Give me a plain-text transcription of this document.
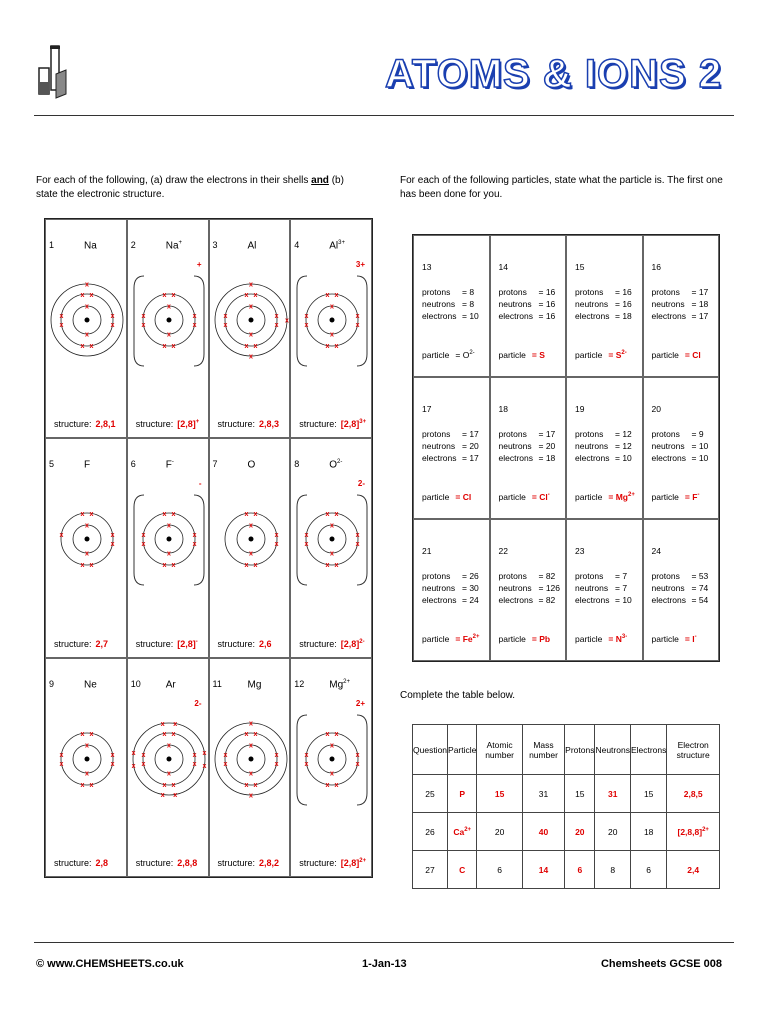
ATOMS & IONS 2
For each of the following, (a) draw the electrons in their shells and (b) state the electronic structure.
For each of the following particles, state what the particle is. The first one has been done for you.
1	Na
x
x
x
x
x x
x
x
x
x
x
structure: 2,8,1
2	Na+
+
x
x
x
x
x x
x
x
x
x
structure: [2,8]+
3	Al
x
x
x
x
x x
x
x
x
x
x
x
x
structure: 2,8,3
4	$Al^{3+}$
3+
x
x
x
x
x x
x
x
x
x
structure: $[2,8]^{3+}$
5	F
x
x
x
x
x x
x
x
x
structure: 2,7
6	F-
-
x
x
x
x
x x
x
x
x
x
structure: [2,8]-
7	O
x
x
x
x
x x
x
x
structure: 2,6
8	$O^{2-}$
2-
x
x
x
x
x x
x
x
x
x
structure: $[2,8]^{2-}$
9	Ne
x
x
x
x
x x
x
x
x
x
structure: 2,8
10 Ar
2-
x
x
x
x
x x
x
x
x
x
x
x
x x
x
x
x
x
structure: 2,8,8
11	Mg
x
x
x
x
x x
x
x
x
x
x
x
structure: 2,8,2
12 $Mg^{2+}$
2+
x
x
x
x
x x
x
x
x
x
structure: $[2,8]^{2+}$
13
protons	= 8
neutrons = 8
electrons = 10
particle = $O^{2-}$
14
protons	= 16
neutrons = 16
electrons = 16
particle = S
15
protons	= 16
neutrons = 16
electrons = 18
particle = $S^{2-}$
16
protons	= 17
neutrons = 18
electrons = 17
particle = Cl
17
protons	= 17
neutrons = 20
electrons = 17
particle = Cl
18
protons	= 17
neutrons = 20
electrons = 18
particle = Cl-
19
protons	= 12
neutrons = 12
electrons = 10
particle = $Mg^{2+}$
20
protons	= 9
neutrons = 10
electrons = 10
particle = F-
21
protons	= 26
neutrons = 30
electrons = 24
particle = $Fe^{2+}$
22
protons	= 82
neutrons = 126
electrons = 82
particle = Pb
23
protons	= 7
neutrons = 7
electrons = 10
particle = $N^{3-}$
24
protons	= 53
neutrons = 74
electrons = 54
particle = I-
Complete the table below.
Question	Particle	Atomic number	Mass number	Protons	Neutrons	Electrons	Electron structure
25	P	15	31	15	31	15	2,8,5
26	$Ca^{2+}$	20	40	20	20	18	$[2,8,8]^{2+}$
27	C	6	14	6	8	6	2,4
© www.CHEMSHEETS.co.uk	1-Jan-13	Chemsheets GCSE 008
